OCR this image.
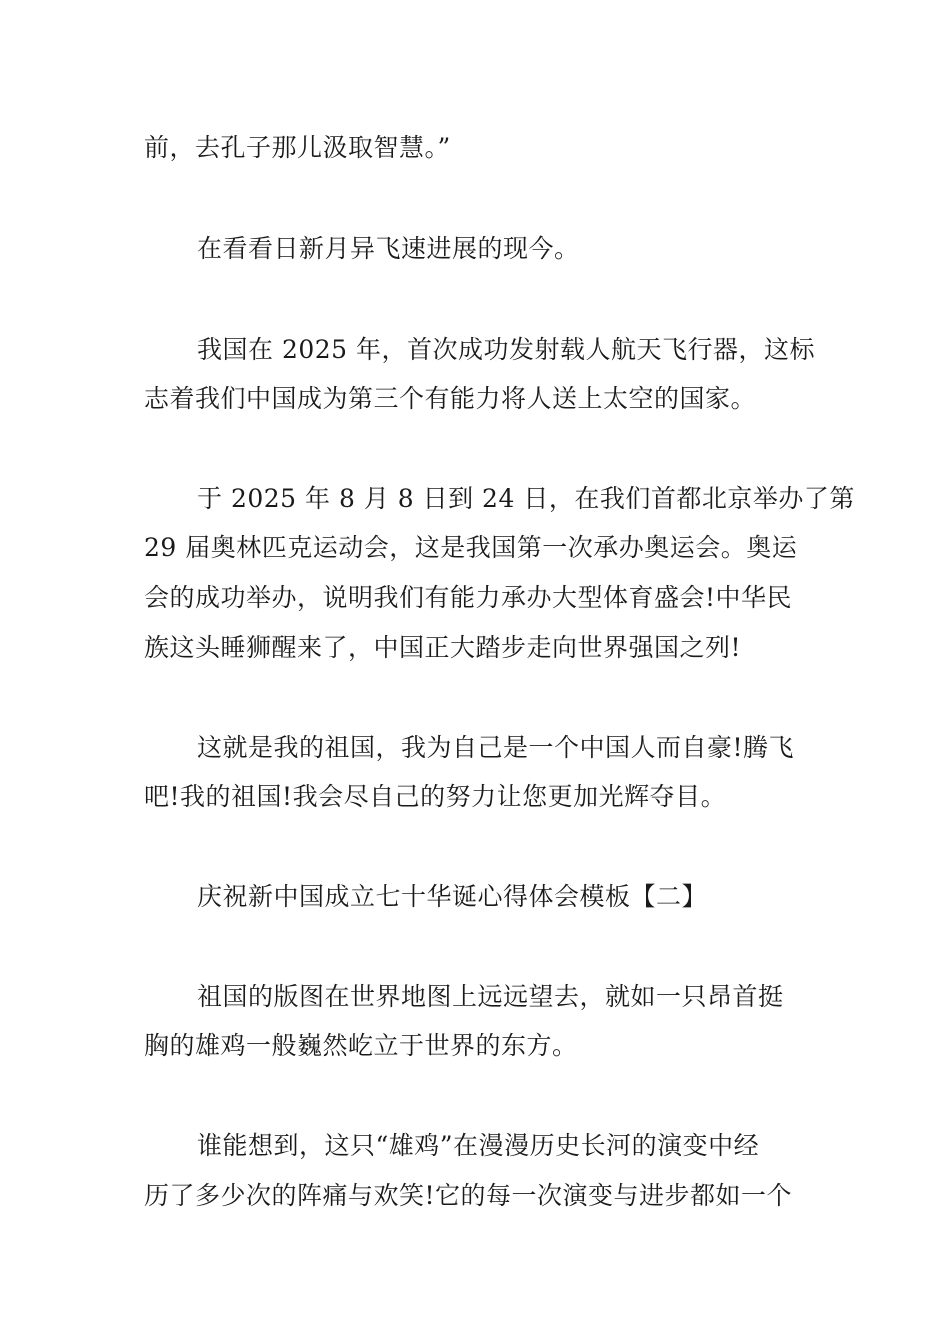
前，去孔子那儿汲取智慧。”

在看看日新月异飞速进展的现今。

我国在 2025 年，首次成功发射载人航天飞行器，这标

志着我们中国成为第三个有能力将人送上太空的国家。

于 2025 年 8 月 8 日到 24 日，在我们首都北京举办了第

29 届奥林匹克运动会，这是我国第一次承办奥运会。奥运

会的成功举办，说明我们有能力承办大型体育盛会!中华民

族这头睡狮醒来了，中国正大踏步走向世界强国之列!

这就是我的祖国，我为自己是一个中国人而自豪!腾飞

吧!我的祖国!我会尽自己的努力让您更加光辉夺目。

庆祝新中国成立七十华诞心得体会模板【二】

祖国的版图在世界地图上远远望去，就如一只昂首挺

胸的雄鸡一般巍然屹立于世界的东方。

谁能想到，这只“雄鸡”在漫漫历史长河的演变中经

历了多少次的阵痛与欢笑!它的每一次演变与进步都如一个
